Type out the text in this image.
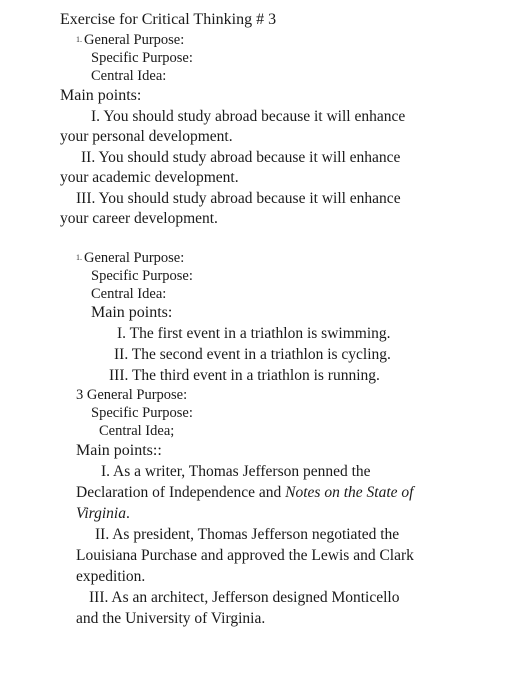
Exercise for Critical Thinking # 3
1. General Purpose:
Specific Purpose:
Central Idea:
Main points:
I. You should study abroad because it will enhance
your personal development.
II. You should study abroad because it will enhance
your academic development.
III. You should study abroad because it will enhance
your career development.
1. General Purpose:
Specific Purpose:
Central Idea:
Main points:
I. The first event in a triathlon is swimming.
II. The second event in a triathlon is cycling.
III. The third event in a triathlon is running.
3 General Purpose:
Specific Purpose:
Central Idea;
Main points::
I. As a writer, Thomas Jefferson penned the
Declaration of Independence and Notes on the State of
Virginia.
II. As president, Thomas Jefferson negotiated the
Louisiana Purchase and approved the Lewis and Clark
expedition.
III. As an architect, Jefferson designed Monticello
and the University of Virginia.
